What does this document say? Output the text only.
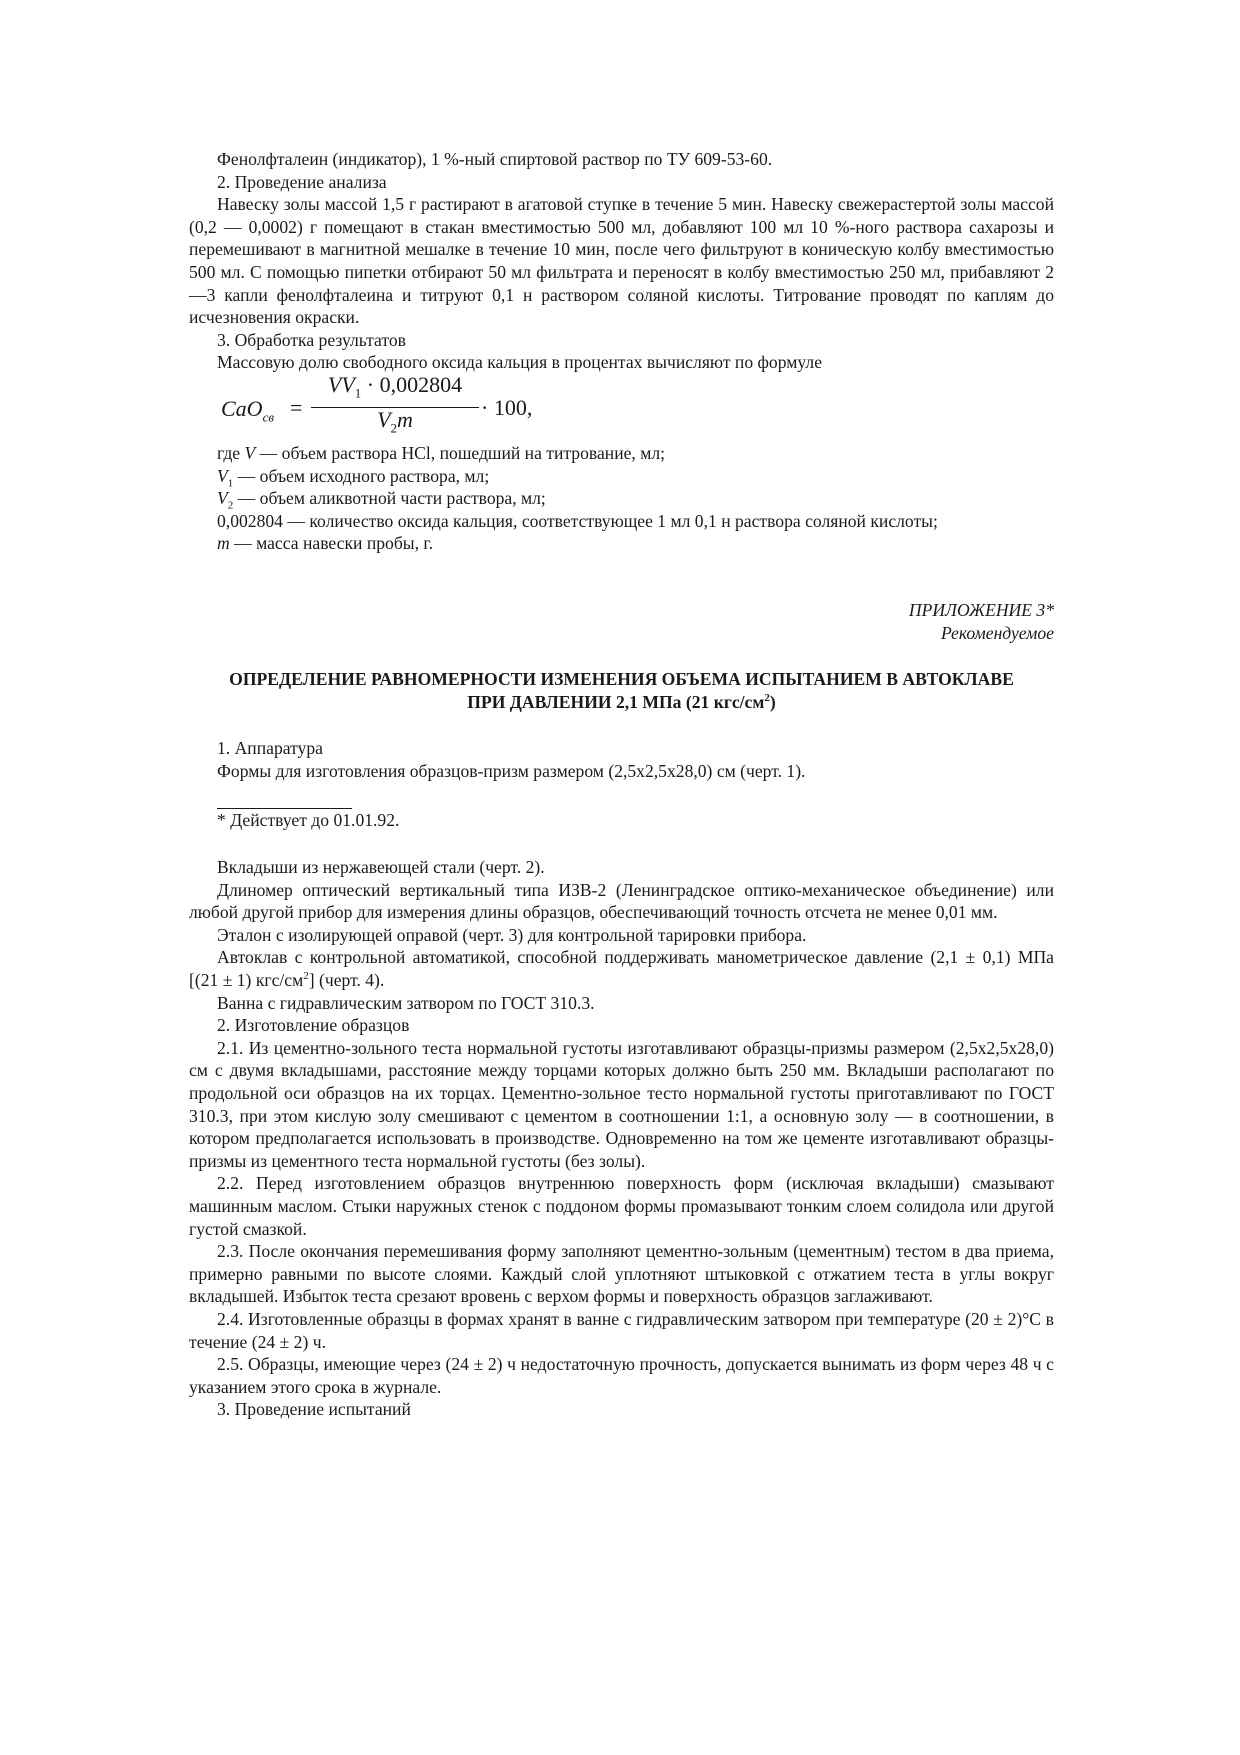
Фенолфталеин (индикатор), 1 %-ный спиртовой раствор по ТУ 609-53-60.

2. Проведение анализа

Навеску золы массой 1,5 г растирают в агатовой ступке в течение 5 мин. Навеску свежерастертой золы массой (0,2 — 0,0002) г помещают в стакан вместимостью 500 мл, добавляют 100 мл 10 %-ного раствора сахарозы и перемешивают в магнитной мешалке в течение 10 мин, после чего фильтруют в коническую колбу вместимостью 500 мл. С помощью пипетки отбирают 50 мл фильтрата и переносят в колбу вместимостью 250 мл, прибавляют 2—3 капли фенолфталеина и титруют 0,1 н раствором соляной кислоты. Титрование проводят по каплям до исчезновения окраски.

3. Обработка результатов

Массовую долю свободного оксида кальция в процентах вычисляют по формуле

CaO$_{св}$ =
$VV_1 \cdot 0,002804$
$V_2m$	· 100,

где V — объем раствора HCl, пошедший на титрование, мл;

$V_1$ — объем исходного раствора, мл;

$V_2$ — объем аликвотной части раствора, мл;

0,002804 — количество оксида кальция, соответствующее 1 мл 0,1 н раствора соляной кислоты;

m — масса навески пробы, г.

ПРИЛОЖЕНИЕ 3*

Рекомендуемое

ОПРЕДЕЛЕНИЕ РАВНОМЕРНОСТИ ИЗМЕНЕНИЯ ОБЪЕМА ИСПЫТАНИЕМ В АВТОКЛАВЕ ПРИ ДАВЛЕНИИ 2,1 МПа (21 кгс/$см^2$)

1. Аппаратура

Формы для изготовления образцов-призм размером (2,5х2,5х28,0) см (черт. 1).

* Действует до 01.01.92.

Вкладыши из нержавеющей стали (черт. 2).

Длиномер оптический вертикальный типа ИЗВ-2 (Ленинградское оптико-механическое объединение) или любой другой прибор для измерения длины образцов, обеспечивающий точность отсчета не менее 0,01 мм.

Эталон с изолирующей оправой (черт. 3) для контрольной тарировки прибора.

Автоклав с контрольной автоматикой, способной поддерживать манометрическое давление (2,1 ± 0,1) МПа [(21 ± 1) кгс/$см^2$] (черт. 4).

Ванна с гидравлическим затвором по ГОСТ 310.3.

2. Изготовление образцов

2.1. Из цементно-зольного теста нормальной густоты изготавливают образцы-призмы размером (2,5х2,5х28,0) см с двумя вкладышами, расстояние между торцами которых должно быть 250 мм. Вкладыши располагают по продольной оси образцов на их торцах. Цементно-зольное тесто нормальной густоты приготавливают по ГОСТ 310.3, при этом кислую золу смешивают с цементом в соотношении 1:1, а основную золу — в соотношении, в котором предполагается использовать в производстве. Одновременно на том же цементе изготавливают образцы-призмы из цементного теста нормальной густоты (без золы).

2.2. Перед изготовлением образцов внутреннюю поверхность форм (исключая вкладыши) смазывают машинным маслом. Стыки наружных стенок с поддоном формы промазывают тонким слоем солидола или другой густой смазкой.

2.3. После окончания перемешивания форму заполняют цементно-зольным (цементным) тестом в два приема, примерно равными по высоте слоями. Каждый слой уплотняют штыковкой с отжатием теста в углы вокруг вкладышей. Избыток теста срезают вровень с верхом формы и поверхность образцов заглаживают.

2.4. Изготовленные образцы в формах хранят в ванне с гидравлическим затвором при температуре (20 ± 2)°С в течение (24 ± 2) ч.

2.5. Образцы, имеющие через (24 ± 2) ч недостаточную прочность, допускается вынимать из форм через 48 ч с указанием этого срока в журнале.

3. Проведение испытаний
